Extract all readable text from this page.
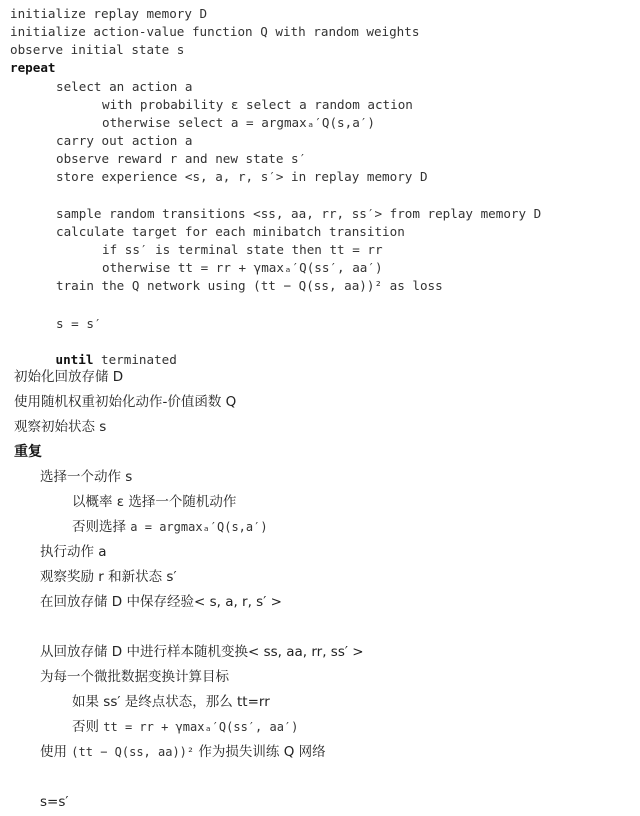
initialize replay memory D
initialize action-value function Q with random weights
observe initial state s
repeat
select an action a
with probability ε select a random action
otherwise select a = argmaxₐ′Q(s,a′)
carry out action a
observe reward r and new state s′
store experience <s, a, r, s′> in replay memory D
sample random transitions <ss, aa, rr, ss′> from replay memory D
calculate target for each minibatch transition
if ss′ is terminal state then tt = rr
otherwise tt = rr + γmaxₐ′Q(ss′, aa′)
train the Q network using (tt − Q(ss, aa))² as loss
s = s′

until terminated

初始化回放存储 D
使用随机权重初始化动作-价值函数 Q
观察初始状态 s
重复
选择一个动作 s
以概率 ε 选择一个随机动作
否则选择 a = argmaxₐ′Q(s,a′)
执行动作 a
观察奖励 r 和新状态 s′
在回放存储 D 中保存经验< s, a, r, s′ >
从回放存储 D 中进行样本随机变换< ss, aa, rr, ss′ >
为每一个微批数据变换计算目标
如果 ss′ 是终点状态，那么 tt=rr
否则 tt = rr + γmaxₐ′Q(ss′, aa′)
使用 (tt − Q(ss, aa))² 作为损失训练 Q 网络
s=s′
